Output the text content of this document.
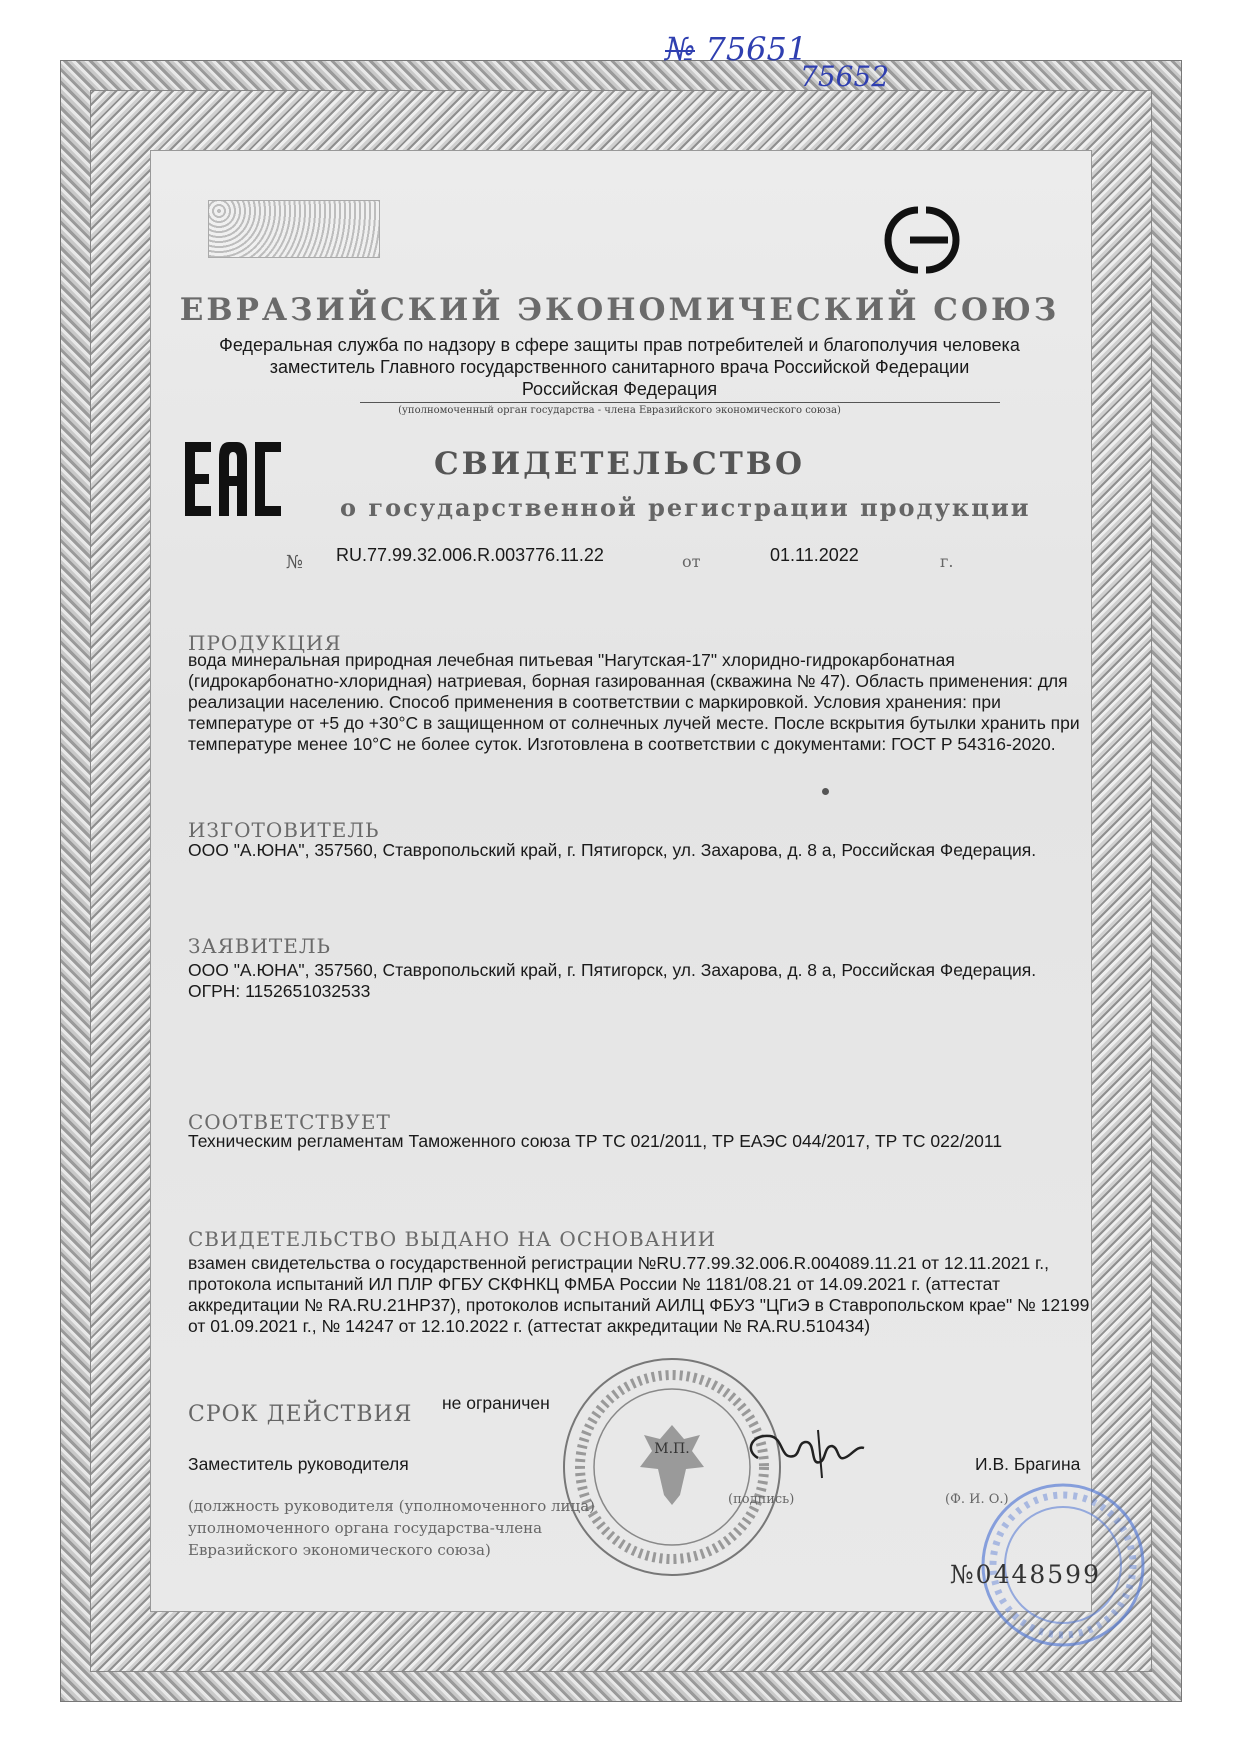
№ 75651
75652
ЕВРАЗИЙСКИЙ ЭКОНОМИЧЕСКИЙ СОЮЗ
Федеральная служба по надзору в сфере защиты прав потребителей и благополучия человека
заместитель Главного государственного санитарного врача Российской Федерации
Российская Федерация
(уполномоченный орган государства - члена Евразийского экономического союза)
СВИДЕТЕЛЬСТВО
о государственной регистрации продукции
№ RU.77.99.32.006.R.003776.11.22	от	01.11.2022	г.
ПРОДУКЦИЯ

вода минеральная природная лечебная питьевая "Нагутская-17" хлоридно-гидрокарбонатная (гидрокарбонатно-хлоридная) натриевая, борная газированная (скважина № 47). Область применения: для реализации населению. Способ применения в соответствии с маркировкой. Условия хранения: при температуре от +5 до +30°С в защищенном от солнечных лучей месте. После вскрытия бутылки хранить при температуре менее 10°С не более суток. Изготовлена в соответствии с документами: ГОСТ Р 54316-2020.

ИЗГОТОВИТЕЛЬ

ООО "А.ЮНА", 357560, Ставропольский край, г. Пятигорск, ул. Захарова, д. 8 а, Российская Федерация.

ЗАЯВИТЕЛЬ

ООО "А.ЮНА", 357560, Ставропольский край, г. Пятигорск, ул. Захарова, д. 8 а, Российская Федерация. ОГРН: 1152651032533

СООТВЕТСТВУЕТ

Техническим регламентам Таможенного союза ТР ТС 021/2011, ТР ЕАЭС 044/2017, ТР ТС 022/2011

СВИДЕТЕЛЬСТВО ВЫДАНО НА ОСНОВАНИИ

взамен свидетельства о государственной регистрации №RU.77.99.32.006.R.004089.11.21 от 12.11.2021 г., протокола испытаний ИЛ ПЛР ФГБУ СКФНКЦ ФМБА России № 1181/08.21 от 14.09.2021 г. (аттестат аккредитации № RA.RU.21НР37), протоколов испытаний АИЛЦ ФБУЗ "ЦГиЭ в Ставропольском крае" № 12199 от 01.09.2021 г., № 14247 от 12.10.2022 г. (аттестат аккредитации № RA.RU.510434)

СРОК ДЕЙСТВИЯ не ограничен
М.П.
Заместитель руководителя	И.В. Брагина

(должность руководителя (уполномоченного лица) уполномоченного органа государства-члена Евразийского экономического союза)

(подпись)	(Ф. И. О.)
№0448599
